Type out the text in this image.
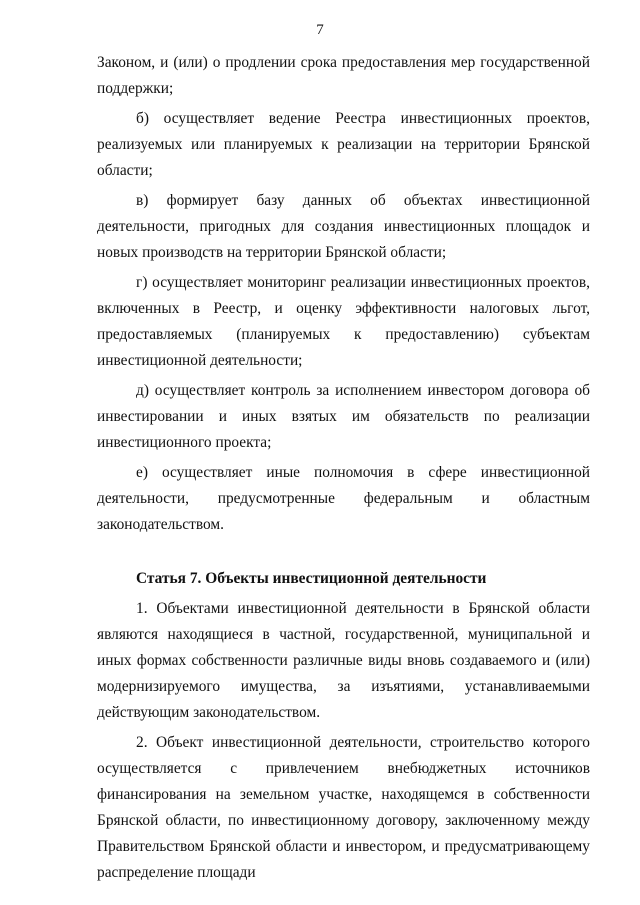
7

Законом, и (или) о продлении срока предоставления мер государственной поддержки;

б) осуществляет ведение Реестра инвестиционных проектов, реализуемых или планируемых к реализации на территории Брянской области;

в) формирует базу данных об объектах инвестиционной деятельности, пригодных для создания инвестиционных площадок и новых производств на территории Брянской области;

г) осуществляет мониторинг реализации инвестиционных проектов, включенных в Реестр, и оценку эффективности налоговых льгот, предоставляемых (планируемых к предоставлению) субъектам инвестиционной деятельности;

д) осуществляет контроль за исполнением инвестором договора об инвестировании и иных взятых им обязательств по реализации инвестиционного проекта;

е) осуществляет иные полномочия в сфере инвестиционной деятельности, предусмотренные федеральным и областным законодательством.

Статья 7. Объекты инвестиционной деятельности

1. Объектами инвестиционной деятельности в Брянской области являются находящиеся в частной, государственной, муниципальной и иных формах собственности различные виды вновь создаваемого и (или) модернизируемого имущества, за изъятиями, устанавливаемыми действующим законодательством.

2. Объект инвестиционной деятельности, строительство которого осуществляется с привлечением внебюджетных источников финансирования на земельном участке, находящемся в собственности Брянской области, по инвестиционному договору, заключенному между Правительством Брянской области и инвестором, и предусматривающему распределение площади
